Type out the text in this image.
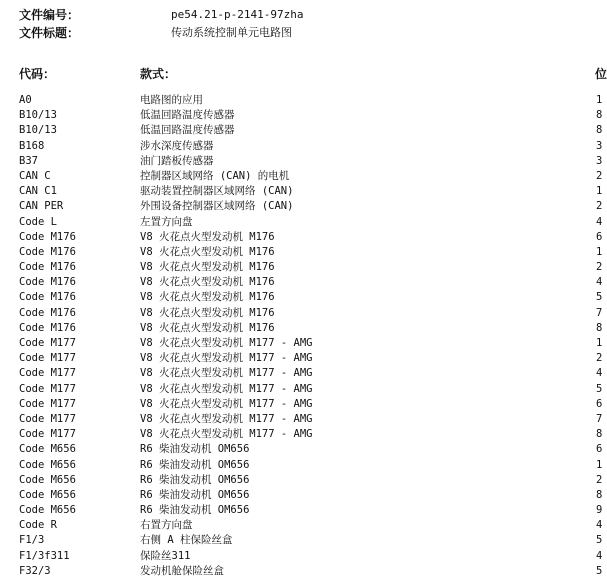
文件编号：	pe54.21-p-2141-97zha
文件标题：	传动系统控制单元电路图
代码：	款式：	位
A0	电路图的应用	1
B10/13	低温回路温度传感器	8
B10/13	低温回路温度传感器	8
B168	涉水深度传感器	3
B37	油门踏板传感器	3
CAN C	控制器区域网络 (CAN) 的电机	2
CAN C1	驱动装置控制器区域网络 (CAN)	1
CAN PER	外围设备控制器区域网络 (CAN)	2
Code L	左置方向盘	4
Code M176	V8 火花点火型发动机 M176	6
Code M176	V8 火花点火型发动机 M176	1
Code M176	V8 火花点火型发动机 M176	2
Code M176	V8 火花点火型发动机 M176	4
Code M176	V8 火花点火型发动机 M176	5
Code M176	V8 火花点火型发动机 M176	7
Code M176	V8 火花点火型发动机 M176	8
Code M177	V8 火花点火型发动机 M177 - AMG	1
Code M177	V8 火花点火型发动机 M177 - AMG	2
Code M177	V8 火花点火型发动机 M177 - AMG	4
Code M177	V8 火花点火型发动机 M177 - AMG	5
Code M177	V8 火花点火型发动机 M177 - AMG	6
Code M177	V8 火花点火型发动机 M177 - AMG	7
Code M177	V8 火花点火型发动机 M177 - AMG	8
Code M656	R6 柴油发动机 OM656	6
Code M656	R6 柴油发动机 OM656	1
Code M656	R6 柴油发动机 OM656	2
Code M656	R6 柴油发动机 OM656	8
Code M656	R6 柴油发动机 OM656	9
Code R	右置方向盘	4
F1/3	右侧 A 柱保险丝盒	5
F1/3f311	保险丝311	4
F32/3	发动机舱保险丝盒	5
